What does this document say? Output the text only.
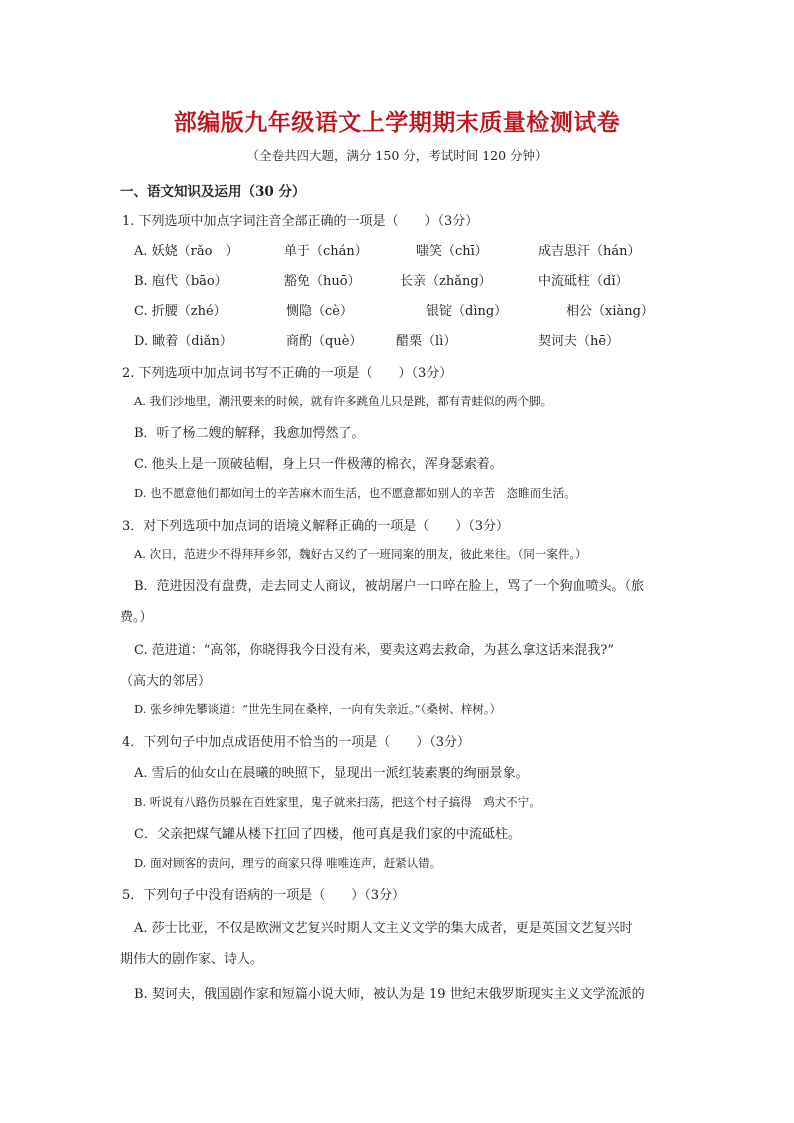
部编版九年级语文上学期期末质量检测试卷
（全卷共四大题，满分 150 分，考试时间 120 分钟）
一、语文知识及运用（30 分）
1. 下列选项中加点字词注音全部正确的一项是（　　）（3分）
A. 妖娆（rǎo　）	单于（chán）	嗤笑（chī）	成吉思汗（hán）
B. 庖代（bāo）	豁免（huō）	长亲（zhǎng）	中流砥柱（dǐ）
C. 折腰（zhé）	恻隐（cè）	银锭（dìng）	相公（xiàng）
D. 瞰着（diǎn）	商酌（què）	醋栗（lì）	契诃夫（hē）
2. 下列选项中加点词书写不正确的一项是（　　）（3分）
A. 我们沙地里，潮汛要来的时候，就有许多跳鱼儿只是跳，都有青蛙似的两个脚。
B．听了杨二嫂的解释，我愈加愕然了。
C. 他头上是一顶破毡帽，身上只一件极薄的棉衣，浑身瑟索着。
D. 也不愿意他们都如闰土的辛苦麻木而生活，也不愿意都如别人的辛苦　恣睢而生活。
3．对下列选项中加点词的语境义解释正确的一项是（　　）（3分）
A. 次日，范进少不得拜拜乡邻，魏好古又约了一班同案的朋友，彼此来往。（同一案件。）
B．范进因没有盘费，走去同丈人商议，被胡屠户一口啐在脸上，骂了一个狗血喷头。（旅
费。）
C. 范进道：“高邻，你晓得我今日没有米，要卖这鸡去救命，为甚么拿这话来混我?”
（高大的邻居）
D. 张乡绅先攀谈道：“世先生同在桑梓，一向有失亲近。”（桑树、梓树。）
4．下列句子中加点成语使用不恰当的一项是（　　）（3分）
A. 雪后的仙女山在晨曦的映照下，显现出一派红装素裹的绚丽景象。
B. 听说有八路伤员躲在百姓家里，鬼子就来扫荡，把这个村子搞得　鸡犬不宁。
C．父亲把煤气罐从楼下扛回了四楼，他可真是我们家的中流砥柱。
D. 面对顾客的责问，理亏的商家只得 唯唯连声，赶紧认错。
5．下列句子中没有语病的一项是（　　）（3分）
A. 莎士比亚，不仅是欧洲文艺复兴时期人文主义文学的集大成者，更是英国文艺复兴时
期伟大的剧作家、诗人。
B. 契诃夫，俄国剧作家和短篇小说大师，被认为是 19 世纪末俄罗斯现实主义文学流派的
